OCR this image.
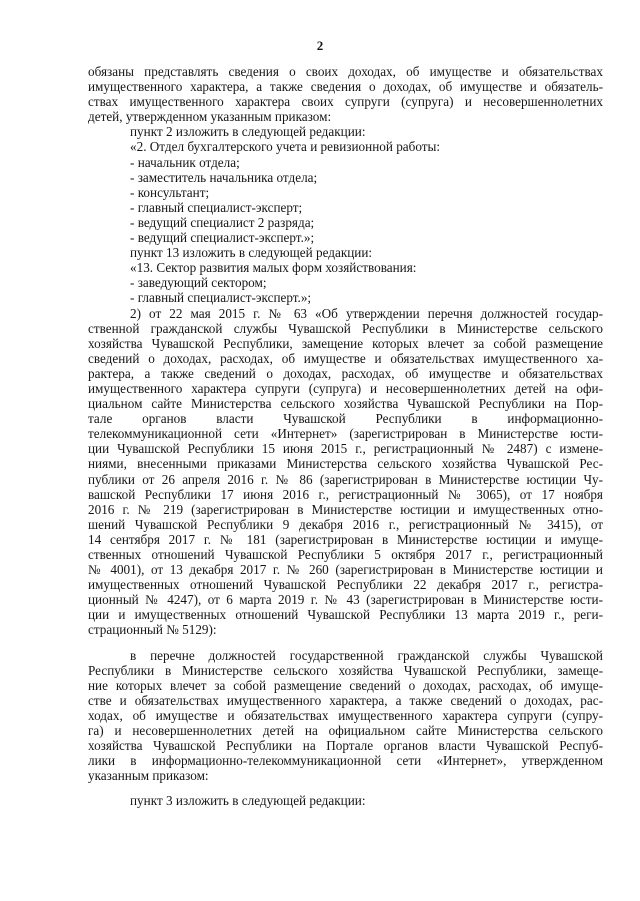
2
обязаны представлять сведения о своих доходах, об имуществе и обязательствах
имущественного характера, а также сведения о доходах, об имуществе и обязатель-
ствах имущественного характера своих супруги (супруга) и несовершеннолетних
детей, утвержденном указанным приказом:
пункт 2 изложить в следующей редакции:
«2. Отдел бухгалтерского учета и ревизионной работы:
- начальник отдела;
- заместитель начальника отдела;
- консультант;
- главный специалист-эксперт;
- ведущий специалист 2 разряда;
- ведущий специалист-эксперт.»;
пункт 13 изложить в следующей редакции:
«13. Сектор развития малых форм хозяйствования:
- заведующий сектором;
- главный специалист-эксперт.»;
2) от 22 мая 2015 г. № 63 «Об утверждении перечня должностей государ-
ственной гражданской службы Чувашской Республики в Министерстве сельского
хозяйства Чувашской Республики, замещение которых влечет за собой размещение
сведений о доходах, расходах, об имуществе и обязательствах имущественного ха-
рактера, а также сведений о доходах, расходах, об имуществе и обязательствах
имущественного характера супруги (супруга) и несовершеннолетних детей на офи-
циальном сайте Министерства сельского хозяйства Чувашской Республики на Пор-
тале органов власти Чувашской Республики в информационно-
телекоммуникационной сети «Интернет» (зарегистрирован в Министерстве юсти-
ции Чувашской Республики 15 июня 2015 г., регистрационный № 2487) с измене-
ниями, внесенными приказами Министерства сельского хозяйства Чувашской Рес-
публики от 26 апреля 2016 г. № 86 (зарегистрирован в Министерстве юстиции Чу-
вашской Республики 17 июня 2016 г., регистрационный № 3065), от 17 ноября
2016 г. № 219 (зарегистрирован в Министерстве юстиции и имущественных отно-
шений Чувашской Республики 9 декабря 2016 г., регистрационный № 3415), от
14 сентября 2017 г. № 181 (зарегистрирован в Министерстве юстиции и имуще-
ственных отношений Чувашской Республики 5 октября 2017 г., регистрационный
№ 4001), от 13 декабря 2017 г. № 260 (зарегистрирован в Министерстве юстиции и
имущественных отношений Чувашской Республики 22 декабря 2017 г., регистра-
ционный № 4247), от 6 марта 2019 г. № 43 (зарегистрирован в Министерстве юсти-
ции и имущественных отношений Чувашской Республики 13 марта 2019 г., реги-
страционный № 5129):
в перечне должностей государственной гражданской службы Чувашской
Республики в Министерстве сельского хозяйства Чувашской Республики, замеще-
ние которых влечет за собой размещение сведений о доходах, расходах, об имуще-
стве и обязательствах имущественного характера, а также сведений о доходах, рас-
ходах, об имуществе и обязательствах имущественного характера супруги (супру-
га) и несовершеннолетних детей на официальном сайте Министерства сельского
хозяйства Чувашской Республики на Портале органов власти Чувашской Респуб-
лики в информационно-телекоммуникационной сети «Интернет», утвержденном
указанным приказом:
пункт 3 изложить в следующей редакции:
